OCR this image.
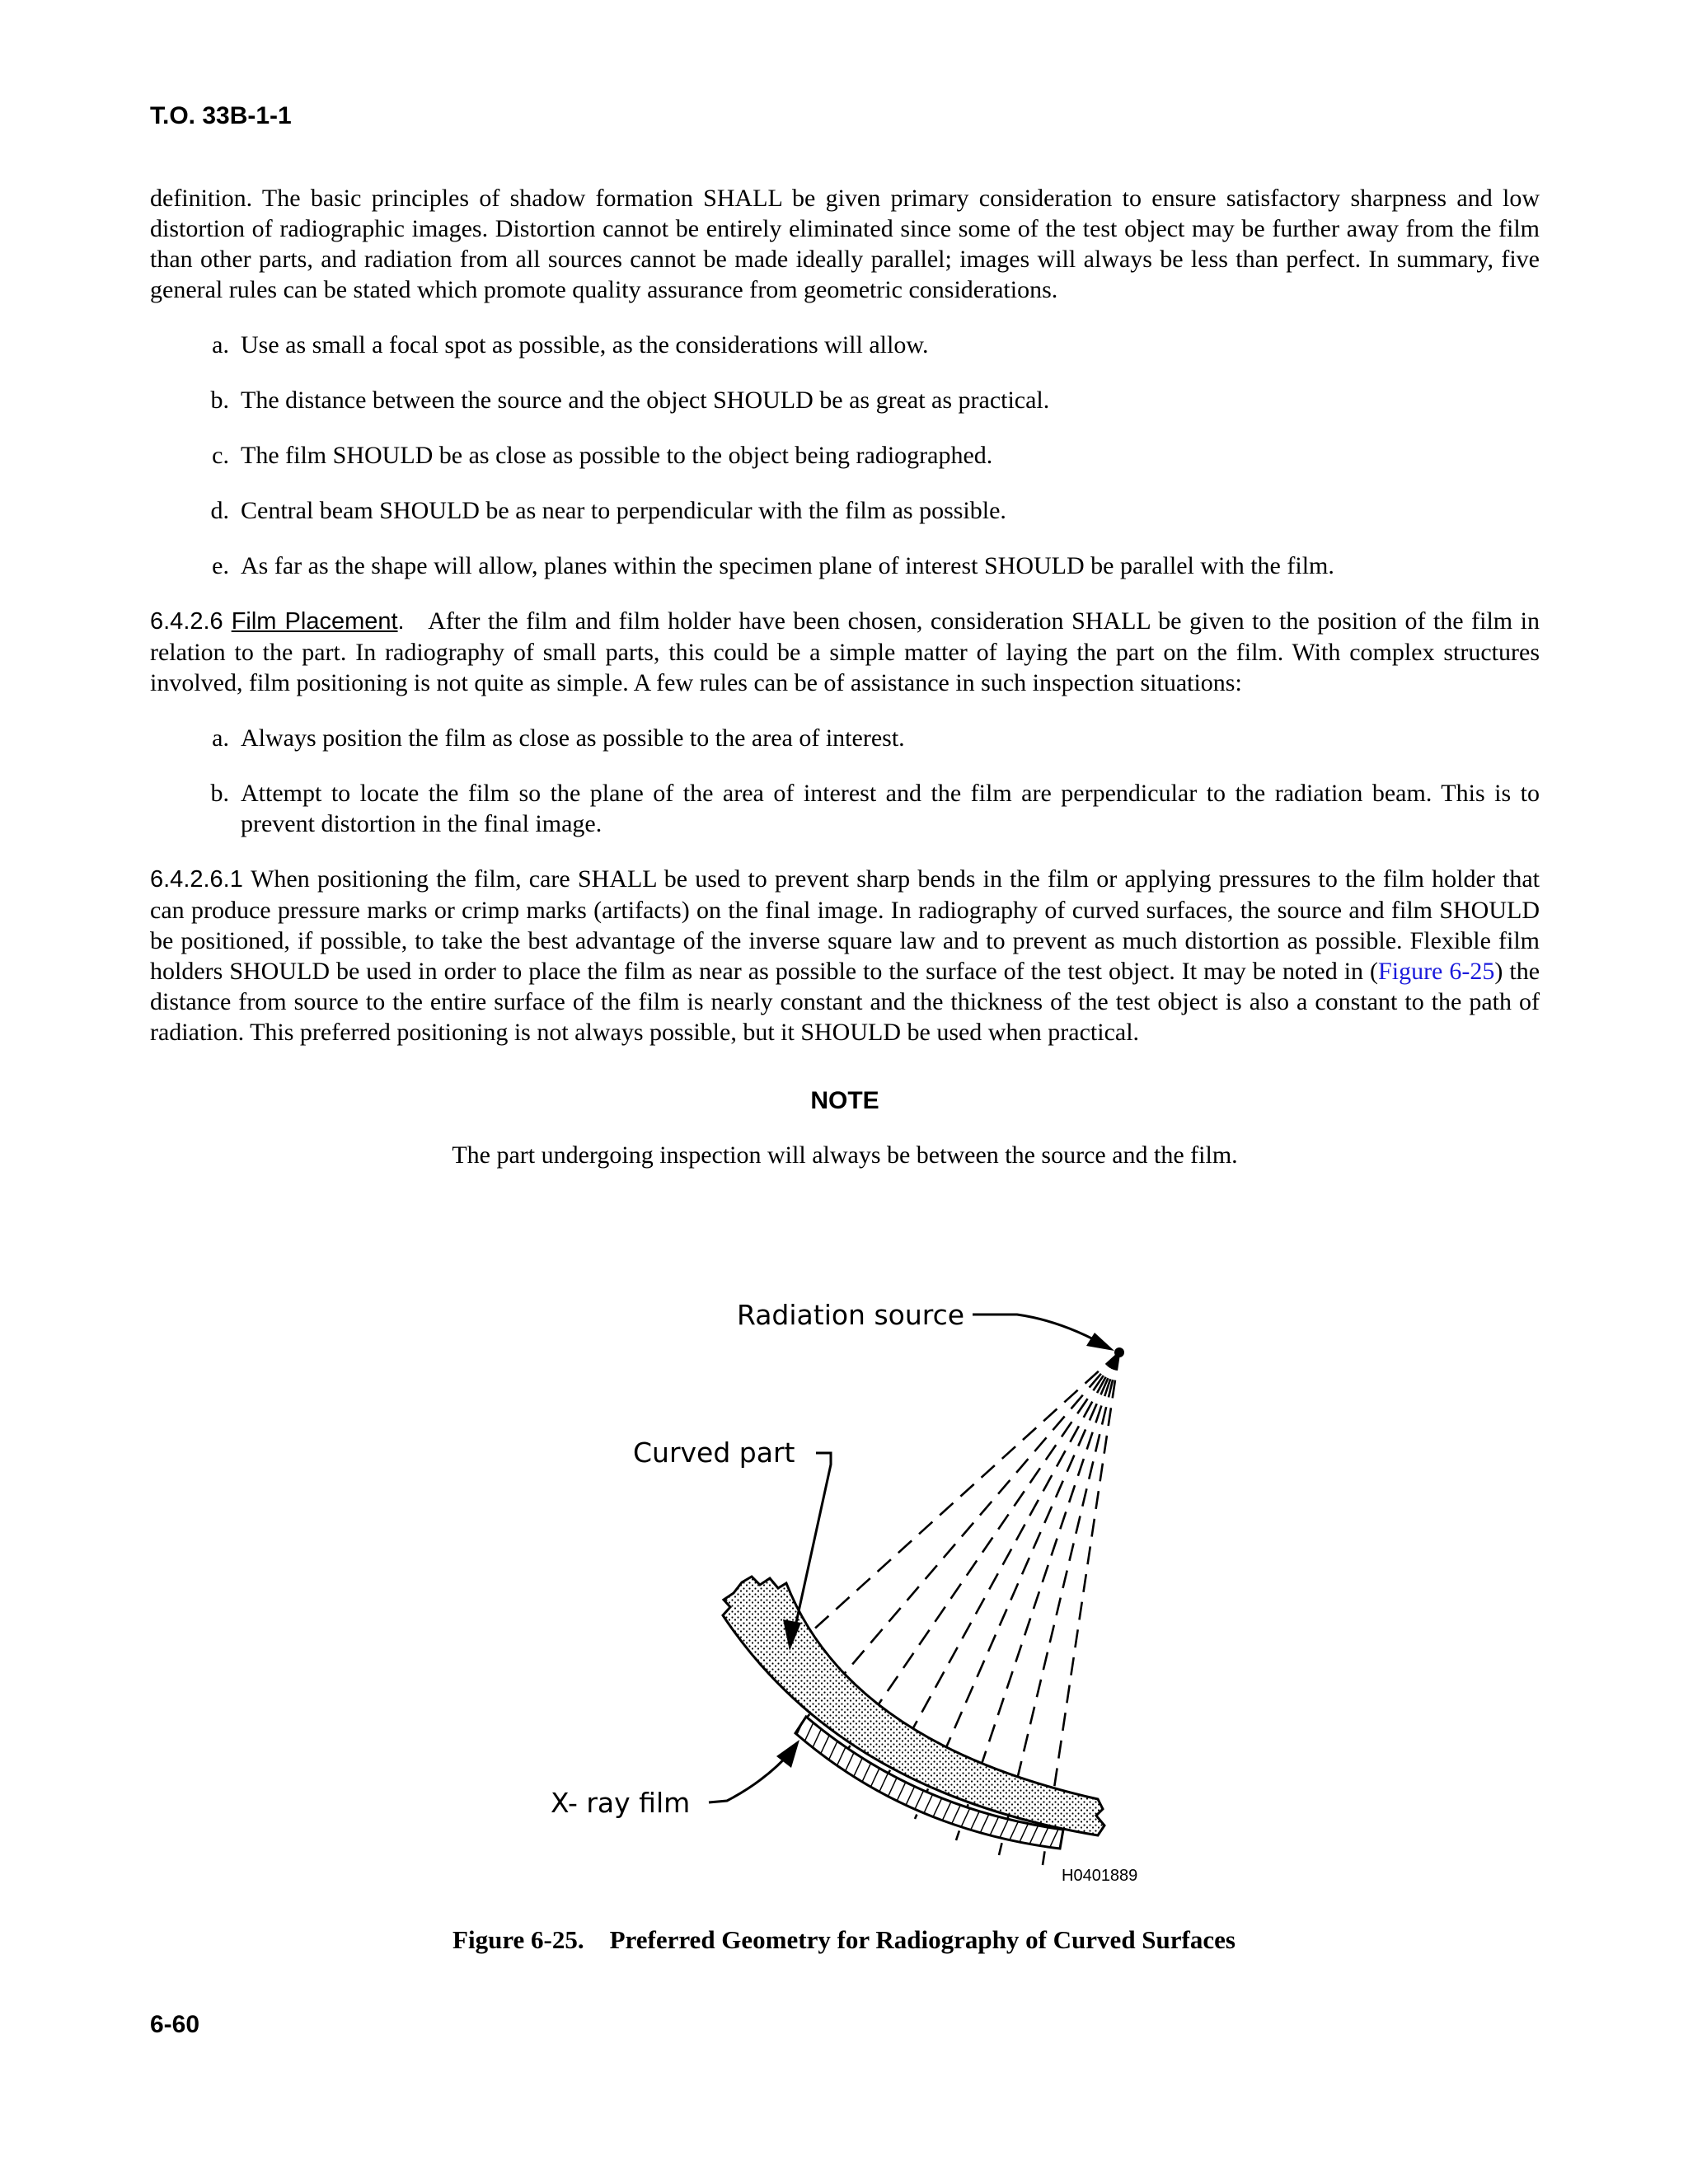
T.O. 33B-1-1

definition. The basic principles of shadow formation SHALL be given primary consideration to ensure satisfactory sharpness and low distortion of radiographic images. Distortion cannot be entirely eliminated since some of the test object may be further away from the film than other parts, and radiation from all sources cannot be made ideally parallel; images will always be less than perfect. In summary, five general rules can be stated which promote quality assurance from geometric considerations.

a. Use as small a focal spot as possible, as the considerations will allow.
b. The distance between the source and the object SHOULD be as great as practical.
c. The film SHOULD be as close as possible to the object being radiographed.
d. Central beam SHOULD be as near to perpendicular with the film as possible.
e. As far as the shape will allow, planes within the specimen plane of interest SHOULD be parallel with the film.

6.4.2.6 Film Placement. After the film and film holder have been chosen, consideration SHALL be given to the position of the film in relation to the part. In radiography of small parts, this could be a simple matter of laying the part on the film. With complex structures involved, film positioning is not quite as simple. A few rules can be of assistance in such inspection situations:

a. Always position the film as close as possible to the area of interest.
b. Attempt to locate the film so the plane of the area of interest and the film are perpendicular to the radiation beam. This is to prevent distortion in the final image.

6.4.2.6.1 When positioning the film, care SHALL be used to prevent sharp bends in the film or applying pressures to the film holder that can produce pressure marks or crimp marks (artifacts) on the final image. In radiography of curved surfaces, the source and film SHOULD be positioned, if possible, to take the best advantage of the inverse square law and to prevent as much distortion as possible. Flexible film holders SHOULD be used in order to place the film as near as possible to the surface of the test object. It may be noted in (Figure 6-25) the distance from source to the entire surface of the film is nearly constant and the thickness of the test object is also a constant to the path of radiation. This preferred positioning is not always possible, but it SHOULD be used when practical.

NOTE

The part undergoing inspection will always be between the source and the film.

Radiation source
Curved part
X- ray film
H0401889
Figure 6-25.    Preferred Geometry for Radiography of Curved Surfaces
6-60
